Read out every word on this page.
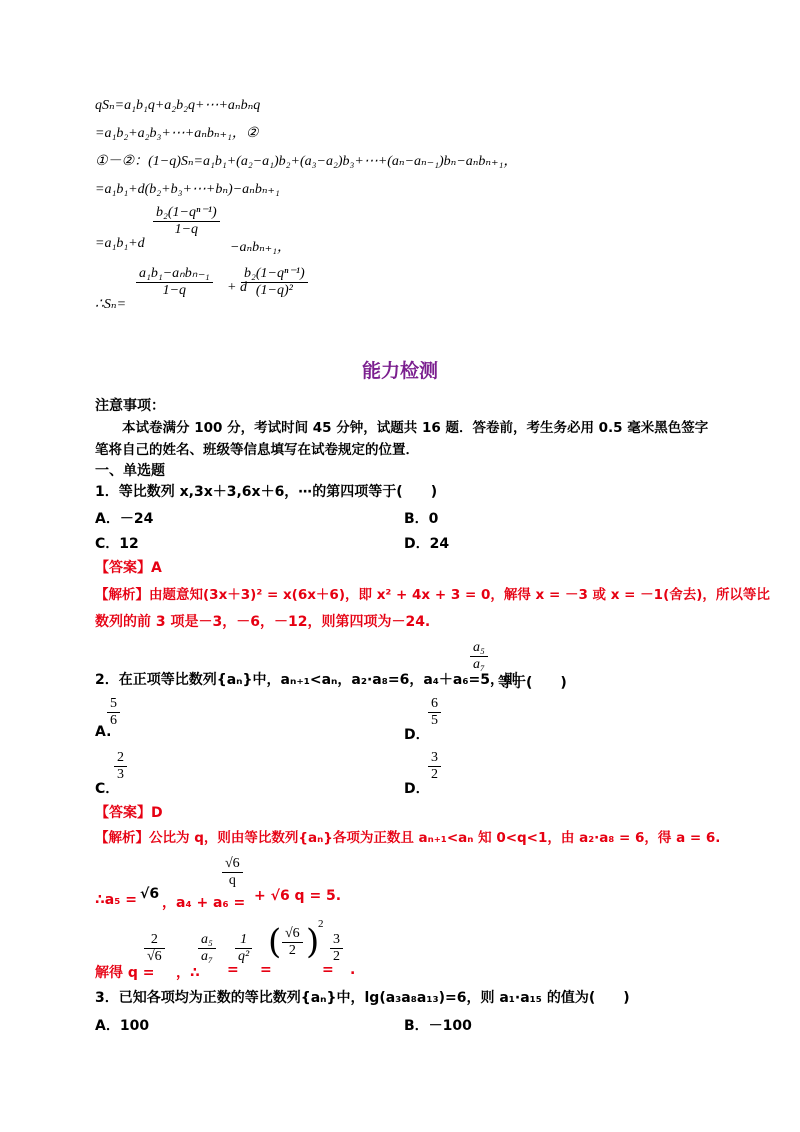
qSₙ=a₁b₁q+a₂b₂q+⋯+aₙbₙq
=a₁b₂+a₂b₃+⋯+aₙbₙ₊₁，②
①－②：(1−q)Sₙ=a₁b₁+(a₂−a₁)b₂+(a₃−a₂)b₃+⋯+(aₙ−aₙ₋₁)bₙ−aₙbₙ₊₁，
=a₁b₁+d(b₂+b₃+⋯+bₙ)−aₙbₙ₊₁
=a₁b₁+d
$\frac{\text{b₂(1−qⁿ⁻¹)}}{1-q}$
−aₙbₙ₊₁，
∴Sₙ=
a₁b₁−aₙbₙ₋₁
1−q	+ d
$\frac{\text{b₂(1−qⁿ⁻¹)}}{\text{(1−q)²}}$
能力检测
注意事项：
本试卷满分 100 分，考试时间 45 分钟，试题共 16 题．答卷前，考生务必用 0.5 毫米黑色签字
笔将自己的姓名、班级等信息填写在试卷规定的位置．
一、单选题
1．等比数列 x,3x＋3,6x＋6，⋯的第四项等于(　　)
A．－24	B．0
C．12	D．24
【答案】A
【解析】由题意知(3x＋3)² = x(6x＋6)，即 x² + 4x + 3 = 0，解得 x = －3 或 x = －1(舍去)，所以等比
数列的前 3 项是－3，－6，－12，则第四项为－24.
2．在正项等比数列{aₙ}中，aₙ₊₁<aₙ，a₂·a₈=6，a₄＋a₆=5，则
$\frac{\text{a₅}}{\text{a₇}}$
等于(　　)
A.
$\frac{5}{6}$
D．
$\frac{6}{5}$
C．
$\frac{2}{3}$
D．
$\frac{3}{2}$
【答案】D
【解析】公比为 q，则由等比数列{aₙ}各项为正数且 aₙ₊₁<aₙ 知 0<q<1，由 a₂·a₈ = 6，得 a = 6.
∴a₅ = √6
，a₄ + a₆ =
$\frac{√6}{q}$
+ √6 q = 5.
解得 q =
$\frac{2}{√6}$
，∴
$\frac{\text{a₅}}{\text{a₇}}$
=
$\frac{1}{\text{q²}}$
=
( $\frac{√6}{2}$ )
2
=
$\frac{3}{2}$
.
3．已知各项均为正数的等比数列{aₙ}中，lg(a₃a₈a₁₃)=6，则 a₁·a₁₅ 的值为(　　)
A．100	B．－100
